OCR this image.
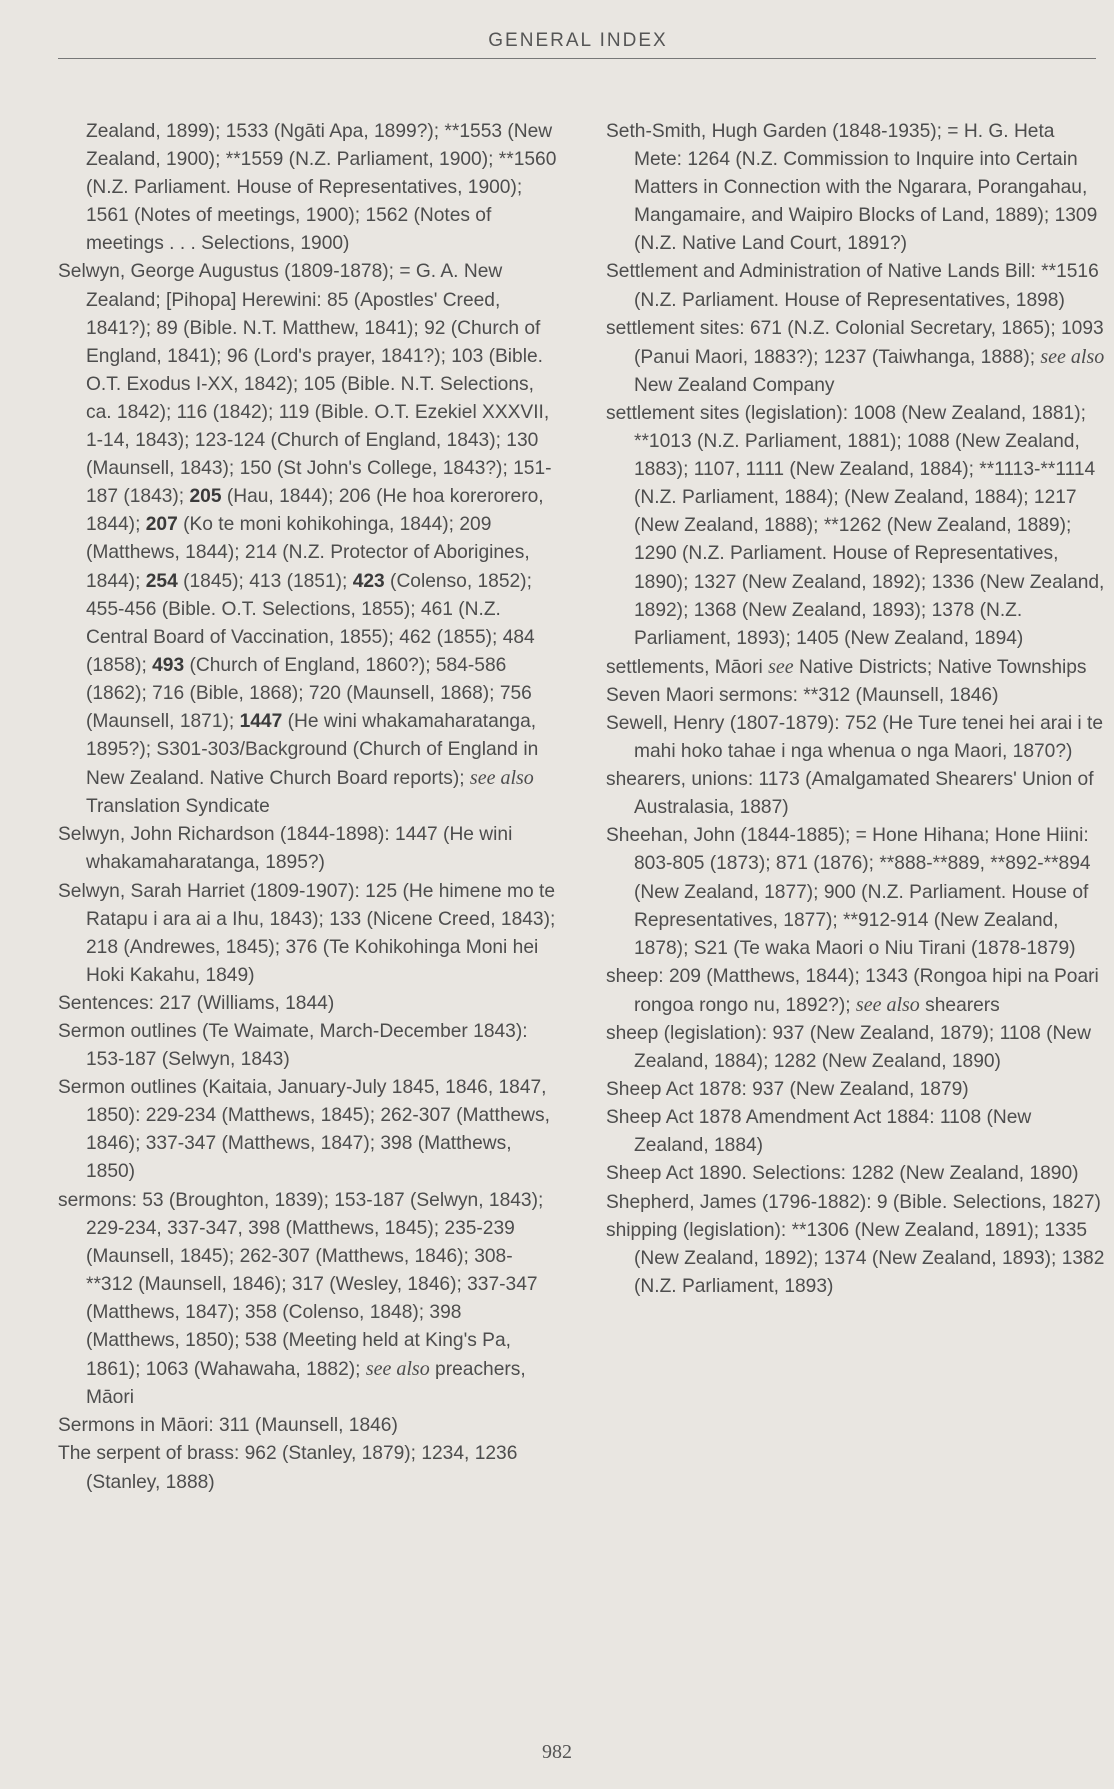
GENERAL INDEX

Zealand, 1899); 1533 (Ngāti Apa, 1899?); **1553 (New Zealand, 1900); **1559 (N.Z. Parliament, 1900); **1560 (N.Z. Parliament. House of Representatives, 1900); 1561 (Notes of meetings, 1900); 1562 (Notes of meetings . . . Selections, 1900)

Selwyn, George Augustus (1809-1878); = G. A. New Zealand; [Pihopa] Herewini: 85 (Apostles' Creed, 1841?); 89 (Bible. N.T. Matthew, 1841); 92 (Church of England, 1841); 96 (Lord's prayer, 1841?); 103 (Bible. O.T. Exodus I-XX, 1842); 105 (Bible. N.T. Selections, ca. 1842); 116 (1842); 119 (Bible. O.T. Ezekiel XXXVII, 1-14, 1843); 123-124 (Church of England, 1843); 130 (Maunsell, 1843); 150 (St John's College, 1843?); 151-187 (1843); 205 (Hau, 1844); 206 (He hoa korerorero, 1844); 207 (Ko te moni kohikohinga, 1844); 209 (Matthews, 1844); 214 (N.Z. Protector of Aborigines, 1844); 254 (1845); 413 (1851); 423 (Colenso, 1852); 455-456 (Bible. O.T. Selections, 1855); 461 (N.Z. Central Board of Vaccination, 1855); 462 (1855); 484 (1858); 493 (Church of England, 1860?); 584-586 (1862); 716 (Bible, 1868); 720 (Maunsell, 1868); 756 (Maunsell, 1871); 1447 (He wini whakamaharatanga, 1895?); S301-303/Background (Church of England in New Zealand. Native Church Board reports); see also Translation Syndicate

Selwyn, John Richardson (1844-1898): 1447 (He wini whakamaharatanga, 1895?)

Selwyn, Sarah Harriet (1809-1907): 125 (He himene mo te Ratapu i ara ai a Ihu, 1843); 133 (Nicene Creed, 1843); 218 (Andrewes, 1845); 376 (Te Kohikohinga Moni hei Hoki Kakahu, 1849)

Sentences: 217 (Williams, 1844)

Sermon outlines (Te Waimate, March-December 1843): 153-187 (Selwyn, 1843)

Sermon outlines (Kaitaia, January-July 1845, 1846, 1847, 1850): 229-234 (Matthews, 1845); 262-307 (Matthews, 1846); 337-347 (Matthews, 1847); 398 (Matthews, 1850)

sermons: 53 (Broughton, 1839); 153-187 (Selwyn, 1843); 229-234, 337-347, 398 (Matthews, 1845); 235-239 (Maunsell, 1845); 262-307 (Matthews, 1846); 308-**312 (Maunsell, 1846); 317 (Wesley, 1846); 337-347 (Matthews, 1847); 358 (Colenso, 1848); 398 (Matthews, 1850); 538 (Meeting held at King's Pa, 1861); 1063 (Wahawaha, 1882); see also preachers, Māori

Sermons in Māori: 311 (Maunsell, 1846)

The serpent of brass: 962 (Stanley, 1879); 1234, 1236 (Stanley, 1888)

Seth-Smith, Hugh Garden (1848-1935); = H. G. Heta Mete: 1264 (N.Z. Commission to Inquire into Certain Matters in Connection with the Ngarara, Porangahau, Mangamaire, and Waipiro Blocks of Land, 1889); 1309 (N.Z. Native Land Court, 1891?)

Settlement and Administration of Native Lands Bill: **1516 (N.Z. Parliament. House of Representatives, 1898)

settlement sites: 671 (N.Z. Colonial Secretary, 1865); 1093 (Panui Maori, 1883?); 1237 (Taiwhanga, 1888); see also New Zealand Company

settlement sites (legislation): 1008 (New Zealand, 1881); **1013 (N.Z. Parliament, 1881); 1088 (New Zealand, 1883); 1107, 1111 (New Zealand, 1884); **1113-**1114 (N.Z. Parliament, 1884); (New Zealand, 1884); 1217 (New Zealand, 1888); **1262 (New Zealand, 1889); 1290 (N.Z. Parliament. House of Representatives, 1890); 1327 (New Zealand, 1892); 1336 (New Zealand, 1892); 1368 (New Zealand, 1893); 1378 (N.Z. Parliament, 1893); 1405 (New Zealand, 1894)

settlements, Māori see Native Districts; Native Townships

Seven Maori sermons: **312 (Maunsell, 1846)

Sewell, Henry (1807-1879): 752 (He Ture tenei hei arai i te mahi hoko tahae i nga whenua o nga Maori, 1870?)

shearers, unions: 1173 (Amalgamated Shearers' Union of Australasia, 1887)

Sheehan, John (1844-1885); = Hone Hihana; Hone Hiini: 803-805 (1873); 871 (1876); **888-**889, **892-**894 (New Zealand, 1877); 900 (N.Z. Parliament. House of Representatives, 1877); **912-914 (New Zealand, 1878); S21 (Te waka Maori o Niu Tirani (1878-1879)

sheep: 209 (Matthews, 1844); 1343 (Rongoa hipi na Poari rongoa rongo nu, 1892?); see also shearers

sheep (legislation): 937 (New Zealand, 1879); 1108 (New Zealand, 1884); 1282 (New Zealand, 1890)

Sheep Act 1878: 937 (New Zealand, 1879)

Sheep Act 1878 Amendment Act 1884: 1108 (New Zealand, 1884)

Sheep Act 1890. Selections: 1282 (New Zealand, 1890)

Shepherd, James (1796-1882): 9 (Bible. Selections, 1827)

shipping (legislation): **1306 (New Zealand, 1891); 1335 (New Zealand, 1892); 1374 (New Zealand, 1893); 1382 (N.Z. Parliament, 1893)

982
